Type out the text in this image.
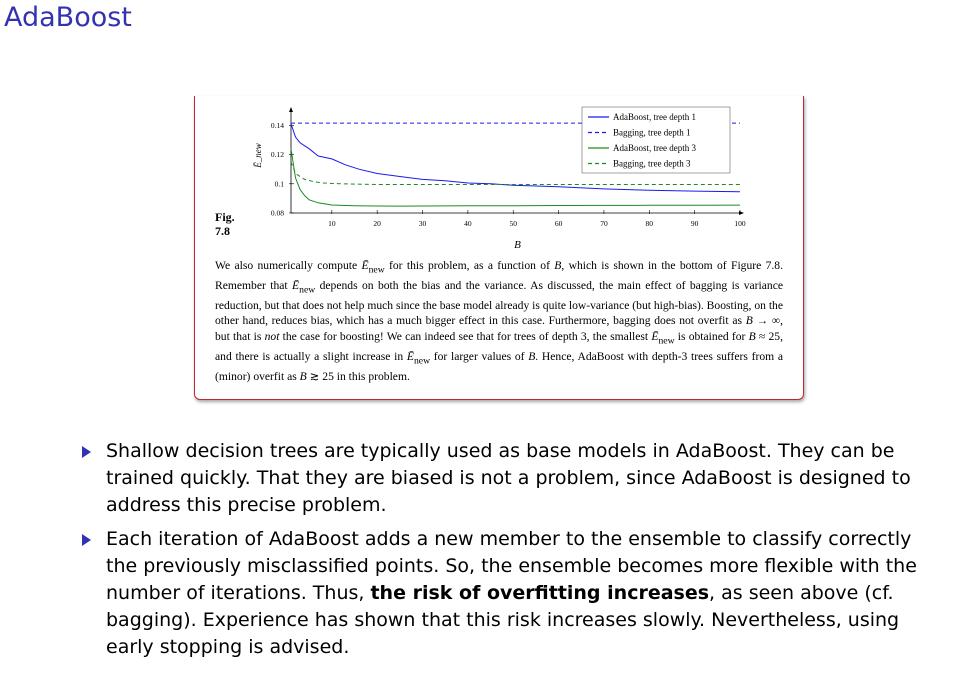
AdaBoost
10	20	30	40	50	60	70	80	90	100
0.08
0.1
0.12
0.14
B
Ē_new
AdaBoost, tree depth 1
Bagging, tree depth 1
AdaBoost, tree depth 3
Bagging, tree depth 3
Fig.
7.8
We also numerically compute $Ē_{new}$ for this problem, as a function of B, which is shown in the bottom of Figure 7.8. Remember that $Ē_{new}$ depends on both the bias and the variance. As discussed, the main effect of bagging is variance reduction, but that does not help much since the base model already is quite low-variance (but high-bias). Boosting, on the other hand, reduces bias, which has a much bigger effect in this case. Furthermore, bagging does not overfit as B → ∞, but that is not the case for boosting! We can indeed see that for trees of depth 3, the smallest $Ē_{new}$ is obtained for B ≈ 25, and there is actually a slight increase in $Ē_{new}$ for larger values of B. Hence, AdaBoost with depth-3 trees suffers from a (minor) overfit as B ≳ 25 in this problem.
Shallow decision trees are typically used as base models in AdaBoost. They can be trained quickly. That they are biased is not a problem, since AdaBoost is designed to address this precise problem.
Each iteration of AdaBoost adds a new member to the ensemble to classify correctly the previously misclassified points. So, the ensemble becomes more flexible with the number of iterations. Thus, the risk of overfitting increases, as seen above (cf. bagging). Experience has shown that this risk increases slowly. Nevertheless, using early stopping is advised.
